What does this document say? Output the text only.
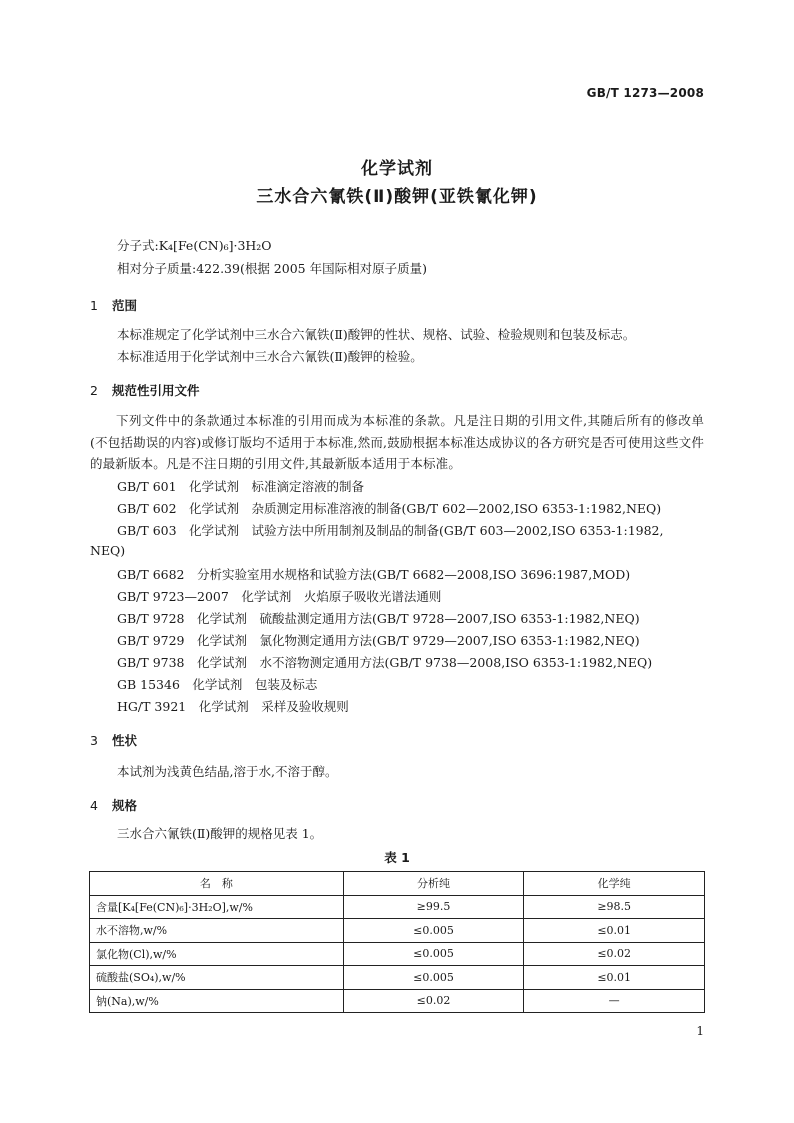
GB/T 1273—2008
化学试剂
三水合六氰铁(Ⅱ)酸钾(亚铁氰化钾)
分子式:K₄[Fe(CN)₆]·3H₂O
相对分子质量:422.39(根据 2005 年国际相对原子质量)
1 范围
本标准规定了化学试剂中三水合六氰铁(Ⅱ)酸钾的性状、规格、试验、检验规则和包装及标志。
本标准适用于化学试剂中三水合六氰铁(Ⅱ)酸钾的检验。
2 规范性引用文件
下列文件中的条款通过本标准的引用而成为本标准的条款。凡是注日期的引用文件,其随后所有的修改单(不包括勘误的内容)或修订版均不适用于本标准,然而,鼓励根据本标准达成协议的各方研究是否可使用这些文件的最新版本。凡是不注日期的引用文件,其最新版本适用于本标准。
GB/T 601　化学试剂　标准滴定溶液的制备
GB/T 602　化学试剂　杂质测定用标准溶液的制备(GB/T 602—2002,ISO 6353-1:1982,NEQ)
GB/T 603　化学试剂　试验方法中所用制剂及制品的制备(GB/T 603—2002,ISO 6353-1:1982,
NEQ)
GB/T 6682　分析实验室用水规格和试验方法(GB/T 6682—2008,ISO 3696:1987,MOD)
GB/T 9723—2007　化学试剂　火焰原子吸收光谱法通则
GB/T 9728　化学试剂　硫酸盐测定通用方法(GB/T 9728—2007,ISO 6353-1:1982,NEQ)
GB/T 9729　化学试剂　氯化物测定通用方法(GB/T 9729—2007,ISO 6353-1:1982,NEQ)
GB/T 9738　化学试剂　水不溶物测定通用方法(GB/T 9738—2008,ISO 6353-1:1982,NEQ)
GB 15346　化学试剂　包装及标志
HG/T 3921　化学试剂　采样及验收规则
3 性状
本试剂为浅黄色结晶,溶于水,不溶于醇。
4 规格
三水合六氰铁(Ⅱ)酸钾的规格见表 1。
表 1
名　称	分析纯	化学纯
含量[K₄[Fe(CN)₆]·3H₂O],w/%	≥99.5	≥98.5
水不溶物,w/%	≤0.005	≤0.01
氯化物(Cl),w/%	≤0.005	≤0.02
硫酸盐(SO₄),w/%	≤0.005	≤0.01
钠(Na),w/%	≤0.02	—
1
